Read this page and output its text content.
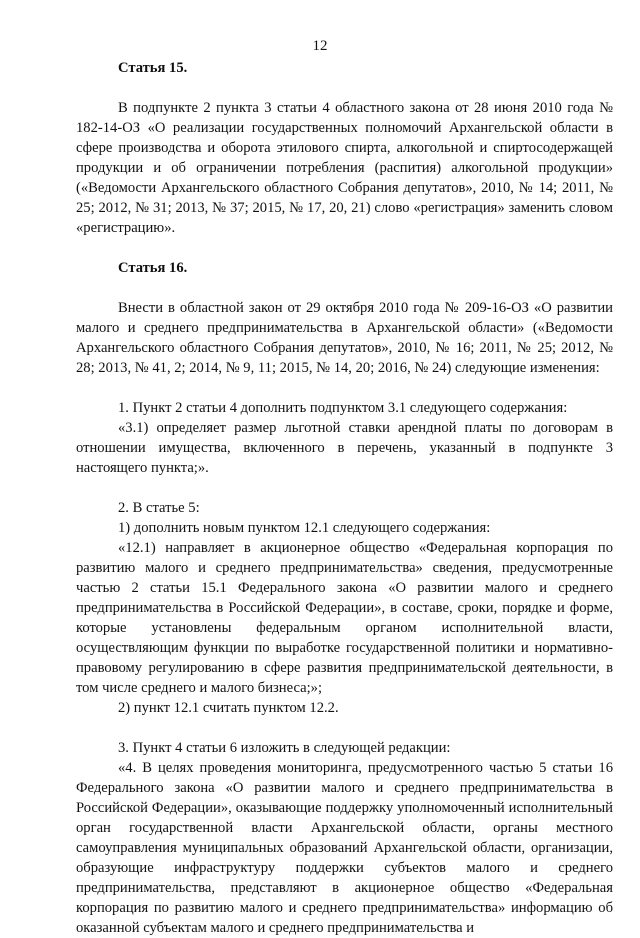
12

Статья 15.

В подпункте 2 пункта 3 статьи 4 областного закона от 28 июня 2010 года № 182-14-ОЗ «О реализации государственных полномочий Архангельской области в сфере производства и оборота этилового спирта, алкогольной и спиртосодержащей продукции и об ограничении потребления (распития) алкогольной продукции» («Ведомости Архангельского областного Собрания депутатов», 2010, № 14; 2011, № 25; 2012, № 31; 2013, № 37; 2015, № 17, 20, 21) слово «регистрация» заменить словом «регистрацию».

Статья 16.

Внести в областной закон от 29 октября 2010 года № 209-16-ОЗ «О развитии малого и среднего предпринимательства в Архангельской области» («Ведомости Архангельского областного Собрания депутатов», 2010, № 16; 2011, № 25; 2012, № 28; 2013, № 41, 2; 2014, № 9, 11; 2015, № 14, 20; 2016, № 24) следующие изменения:

1. Пункт 2 статьи 4 дополнить подпунктом 3.1 следующего содержания:

«3.1) определяет размер льготной ставки арендной платы по договорам в отношении имущества, включенного в перечень, указанный в подпункте 3 настоящего пункта;».

2. В статье 5:

1) дополнить новым пунктом 12.1 следующего содержания:

«12.1) направляет в акционерное общество «Федеральная корпорация по развитию малого и среднего предпринимательства» сведения, предусмотренные частью 2 статьи 15.1 Федерального закона «О развитии малого и среднего предпринимательства в Российской Федерации», в составе, сроки, порядке и форме, которые установлены федеральным органом исполнительной власти, осуществляющим функции по выработке государственной политики и нормативно-правовому регулированию в сфере развития предпринимательской деятельности, в том числе среднего и малого бизнеса;»;

2) пункт 12.1 считать пунктом 12.2.

3. Пункт 4 статьи 6 изложить в следующей редакции:

«4. В целях проведения мониторинга, предусмотренного частью 5 статьи 16 Федерального закона «О развитии малого и среднего предпринимательства в Российской Федерации», оказывающие поддержку уполномоченный исполнительный орган государственной власти Архангельской области, органы местного самоуправления муниципальных образований Архангельской области, организации, образующие инфраструктуру поддержки субъектов малого и среднего предпринимательства, представляют в акционерное общество «Федеральная корпорация по развитию малого и среднего предпринимательства» информацию об оказанной субъектам малого и среднего предпринимательства и
